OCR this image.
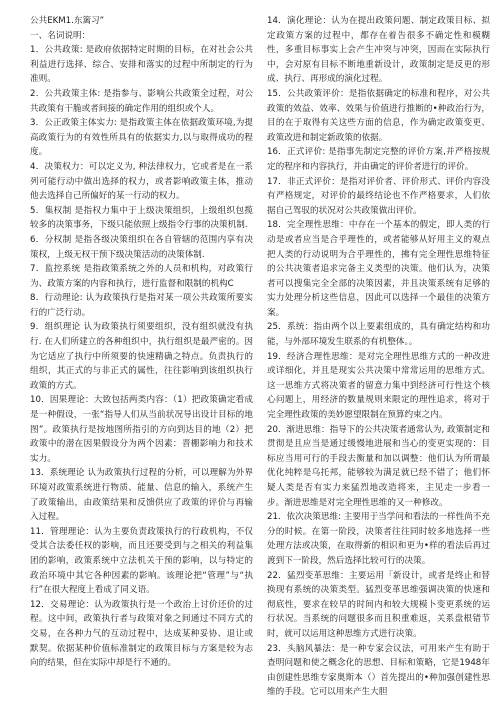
公共EKM1.东篱习”

一、名词说明：

1．公共政策: 是政府依据特定时期的目标，在对社会公共利益进行选择、综合、安排和落实的过程中所制定的行为准则。

2．公共政策主体: 是指参与、影响公共政策全过程，对公共政策有干脆或者间接的确定作用的组织或个人。

3．公正政策主体实力: 是指政策主体在依据政策环境,为提高政策行为的有效性所具有的依据实力,以与取得成功的程度。

4．决策权力：可以定义为, 种法律权力，它或者是在一系列可能行动中做出选择的权力，或者影响政策主体，推动他去选择自己所偏好的某一行动的权力。

5．集权制 是指权力集中于上级决策组织，上级组织包揽较多的决策事务，下级只能依照上级指令行事的决策机制.

6．分权制 是指各级决策组织在各自管辖的范围内享有决策权，上级无权干预下级决策活动的决策体制.

7．监控系统 是指政策系统之外的人员和机构，对政策行为、政策方案的内容和执行，进行监督和限制的机构C

8．行动理论: 认为政策执行是指对某一项公共政策所要实行的广泛行动。

9．组织理论 认为政策执行须要组织，没有组织就没有执行. 在人们所建立的各种组织中，执行组织是最严密的。因为它适应了执行中所须要的快速精确之特点。负责执行的组织，其正式的与非正式的属性，往往影响到该组织执行政策的方式。

10．因果理论：大致包括两类内容：（1）把政策确定看成是一种假设，一张“指导人们从当前状况导出设计目标的地图”。政策执行是按地图所指引的方向到达目的地（2）把政策中的潜在因果假设分为两个因素：晋棚影响力和技术实力。

13．系统理论 认为政策执行过程的分析，可以理解为外界环境对政策系统进行物质、能量、信息的输入，系统产生了政策输出，由政策结果和反馈供应了政策的评价与再输入过程。

11．管理理论：认为主要负责政策执行的行政机构，不仅受其合法委任权的影响，而且还要受到与之相关的利益集团的影响，政策系统中立法机关干预的影响，以与特定的政治环境中其它各种因素的影响。该理论把“管理”与“执行”在很大程度上看成了同义语。

12．交易理论：认为政策执行是一个政治上讨价还价的过程。这中间，政策执行者与政策对象之间通过不同方式的交易，在各种力气的互动过程中，达成某种妥协、退让或默契。依据某种价值标准制定的政策目标与方案是较为志向的结果，但在实际中却是行不通的。

14．演化理论：认为在提出政策问题、制定政策目标、拟定政策方案的过程中，都存在着告很多不确定性和模糊性，多重目标事实上会产生冲突与冲突，因而在实际执行中，会对原有目标不断地重新设计，政策制定是反更的形成、执行、再形成的演化过程。

15．公共政策评价：是指依据确定的标准和程序，对公共政策的效益、效率、效果与价值进行推断的•种政治行为，目的在于取得有关这些方面的信息，作为确定政策变更、政策改进和制定新政策的依据。

16．正式评价: 是指事先制定完整的评价方案,并严格按规定的程序和内容执行，并由确定的评价者进行的评价。

17．非正式评价：是指对评价者、评价形式、评价内容没有严格规定，对评价的最终结论也不作严格要求，人们依据自己驾驭的状况对公共政策做出评价。

18．完全理性思维：中存在一个基本的假定，即人类的行动是或者应当是合乎理性的，或者能够从好用主义的观点把人类的行动说明为合乎理性的，拂有完全理性思维特征的公共决策者追求完备主义类型的决策。他们认为，决策者可以搜集完全全部的决策因素，并且决策系统有足够的实力处理分析这些信息，因此可以选择一个最佳的决策方案。

25．系统：指由两个以上要素组成的，具有确定结构和功能，与外部环境发生联系的有机整体。。

19．经济合理性思维：是对完全理性思维方式的一种改进或详细化，并且是现实公共决策中常常运用的思维方式。这一思维方式将决策者的留意力集中到经济可行性这个核心问题上，用经济的数量规则来限定的理性追求，将对于完全理性政策的美妙愿望限制在预算约束之内。

20．渐进思维：指导下的公共决策者通常认为, 政策制定和贯彻是且应当是通过缓慢地进展和当心的变更实现的：目标应当用可行的手段去衡量和加以调整：他们认为所谓最优化纯粹是乌托邦，能够较为满足就已经不错了；他们怀疑人类是否有实力来猛烈地改造将来，主见走一步看一步。渐进思维是对完全理性思维的又一种修改。

21．依次决策思维: 主要用于当学问和看法的一样性尚不充分的时候。在第一阶段，决策者往往同时较多地选择一些处理方法或决策，在取得新的相识和更为•样的看法后再过渡到下一阶段，然后选择比较可行的决策。

22．猛烈变革思维：主要运用「新设计，或者是终止和替换现有系统的决策类型。猛烈变革思维强调决策的快速和彻底性，要求在较早的时间内和较大规模卜变更系统的运行状况。当系统的问题很多而且积重难返，关系盘根错节时，就可以运用这种思维方式进行决策。

23．头脑风暴法：是一种专家会议法，可用来产生有助于查明问题和使之概念化的思想、目标和策略，它是1948年由创建性思维专家奥斯本（）首先提出的•种加强创建性思维的手段。它可以用来产生大胆
